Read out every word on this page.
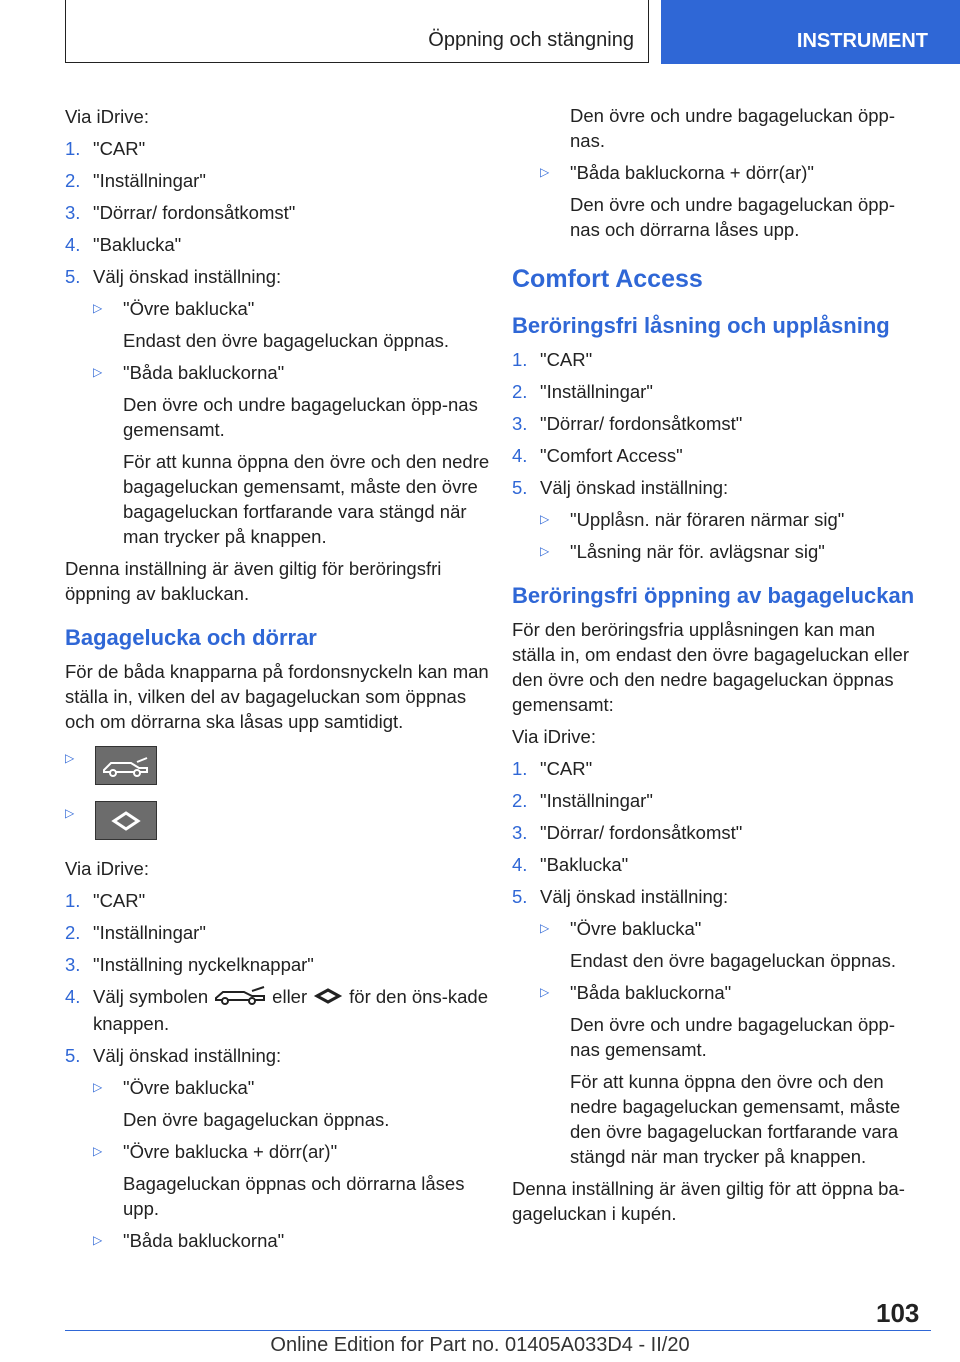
Öppning och stängning	INSTRUMENT

Via iDrive:

1. "CAR"
2. "Inställningar"
3. "Dörrar/ fordonsåtkomst"
4. "Baklucka"
5. Välj önskad inställning:
▷ "Övre baklucka"
Endast den övre bagageluckan öppnas.
▷ "Båda bakluckorna"
Den övre och undre bagageluckan öpp‐nas gemensamt.
För att kunna öppna den övre och den nedre bagageluckan gemensamt, måste den övre bagageluckan fortfarande vara stängd när man trycker på knappen.

Denna inställning är även giltig för beröringsfri öppning av bakluckan.

Bagagelucka och dörrar

För de båda knapparna på fordonsnyckeln kan man ställa in, vilken del av bagageluckan som öppnas och om dörrarna ska låsas upp samtidigt.

▷
▷

Via iDrive:

1. "CAR"
2. "Inställningar"
3. "Inställning nyckelknappar"
4. Välj symbolen	eller för den öns‐kade knappen.
5. Välj önskad inställning:
▷ "Övre baklucka"
Den övre bagageluckan öppnas.
▷ "Övre baklucka + dörr(ar)"
Bagageluckan öppnas och dörrarna låses upp.
▷ "Båda bakluckorna"
Den övre och undre bagageluckan öpp‐nas.
▷ "Båda bakluckorna + dörr(ar)"
Den övre och undre bagageluckan öpp‐nas och dörrarna låses upp.
Comfort Access
Beröringsfri låsning och upplåsning
1. "CAR"
2. "Inställningar"
3. "Dörrar/ fordonsåtkomst"
4. "Comfort Access"
5. Välj önskad inställning:
▷ "Upplåsn. när föraren närmar sig"
▷ "Låsning när för. avlägsnar sig"
Beröringsfri öppning av bagageluckan

För den beröringsfria upplåsningen kan man ställa in, om endast den övre bagageluckan eller den övre och den nedre bagageluckan öppnas gemensamt:

Via iDrive:

1. "CAR"
2. "Inställningar"
3. "Dörrar/ fordonsåtkomst"
4. "Baklucka"
5. Välj önskad inställning:
▷ "Övre baklucka"
Endast den övre bagageluckan öppnas.
▷ "Båda bakluckorna"
Den övre och undre bagageluckan öpp‐nas gemensamt.
För att kunna öppna den övre och den nedre bagageluckan gemensamt, måste den övre bagageluckan fortfarande vara stängd när man trycker på knappen.

Denna inställning är även giltig för att öppna ba‐gageluckan i kupén.

103
Online Edition for Part no. 01405A033D4 - II/20
